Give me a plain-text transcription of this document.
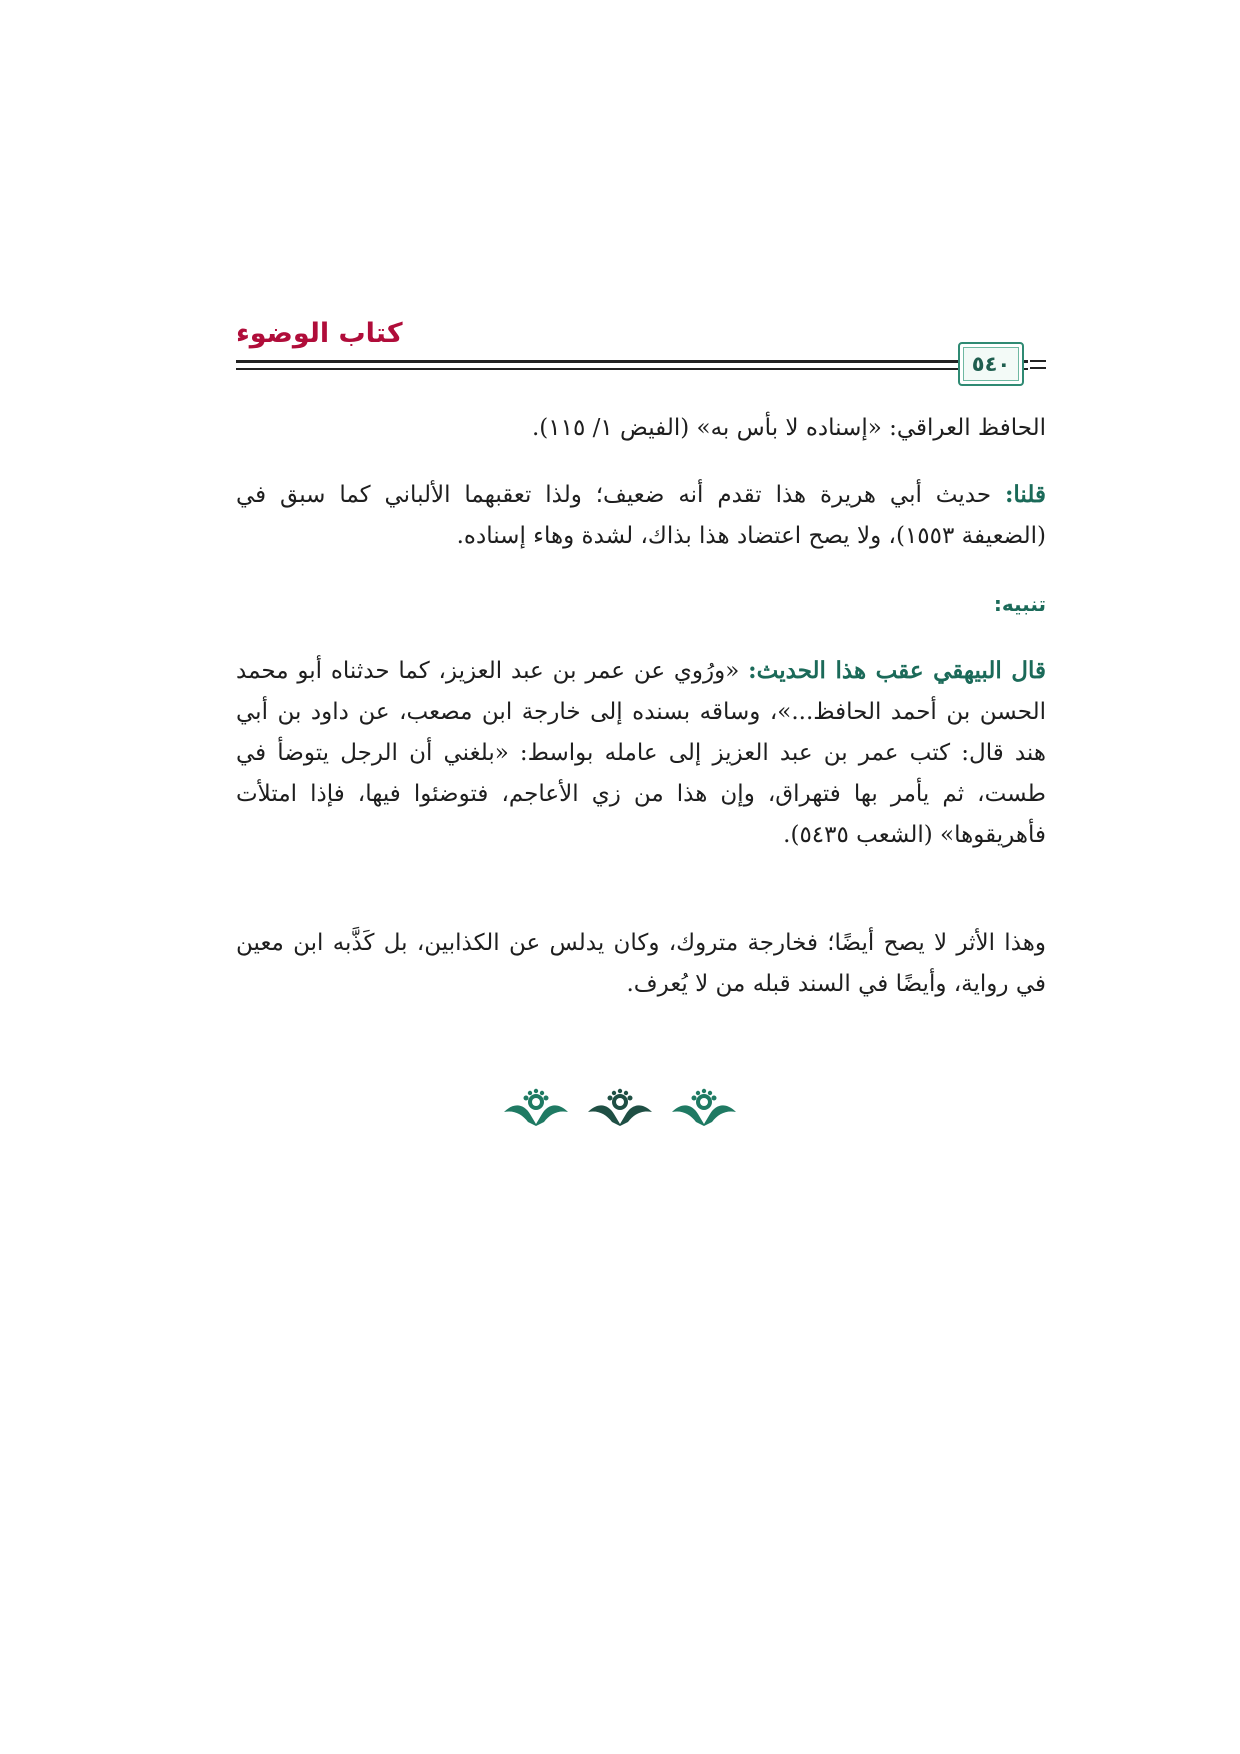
كتاب الوضوء
٥٤٠

الحافظ العراقي: «إسناده لا بأس به» (الفيض ١/ ١١٥).

قلنا: حديث أبي هريرة هذا تقدم أنه ضعيف؛ ولذا تعقبهما الألباني كما سبق في (الضعيفة ١٥٥٣)، ولا يصح اعتضاد هذا بذاك، لشدة وهاء إسناده.

تنبيه:

قال البيهقي عقب هذا الحديث: «ورُوي عن عمر بن عبد العزيز، كما حدثناه أبو محمد الحسن بن أحمد الحافظ...»، وساقه بسنده إلى خارجة ابن مصعب، عن داود بن أبي هند قال: كتب عمر بن عبد العزيز إلى عامله بواسط: «بلغني أن الرجل يتوضأ في طست، ثم يأمر بها فتهراق، وإن هذا من زي الأعاجم، فتوضئوا فيها، فإذا امتلأت فأهريقوها» (الشعب ٥٤٣٥).

وهذا الأثر لا يصح أيضًا؛ فخارجة متروك، وكان يدلس عن الكذابين، بل كَذَّبه ابن معين في رواية، وأيضًا في السند قبله من لا يُعرف.
